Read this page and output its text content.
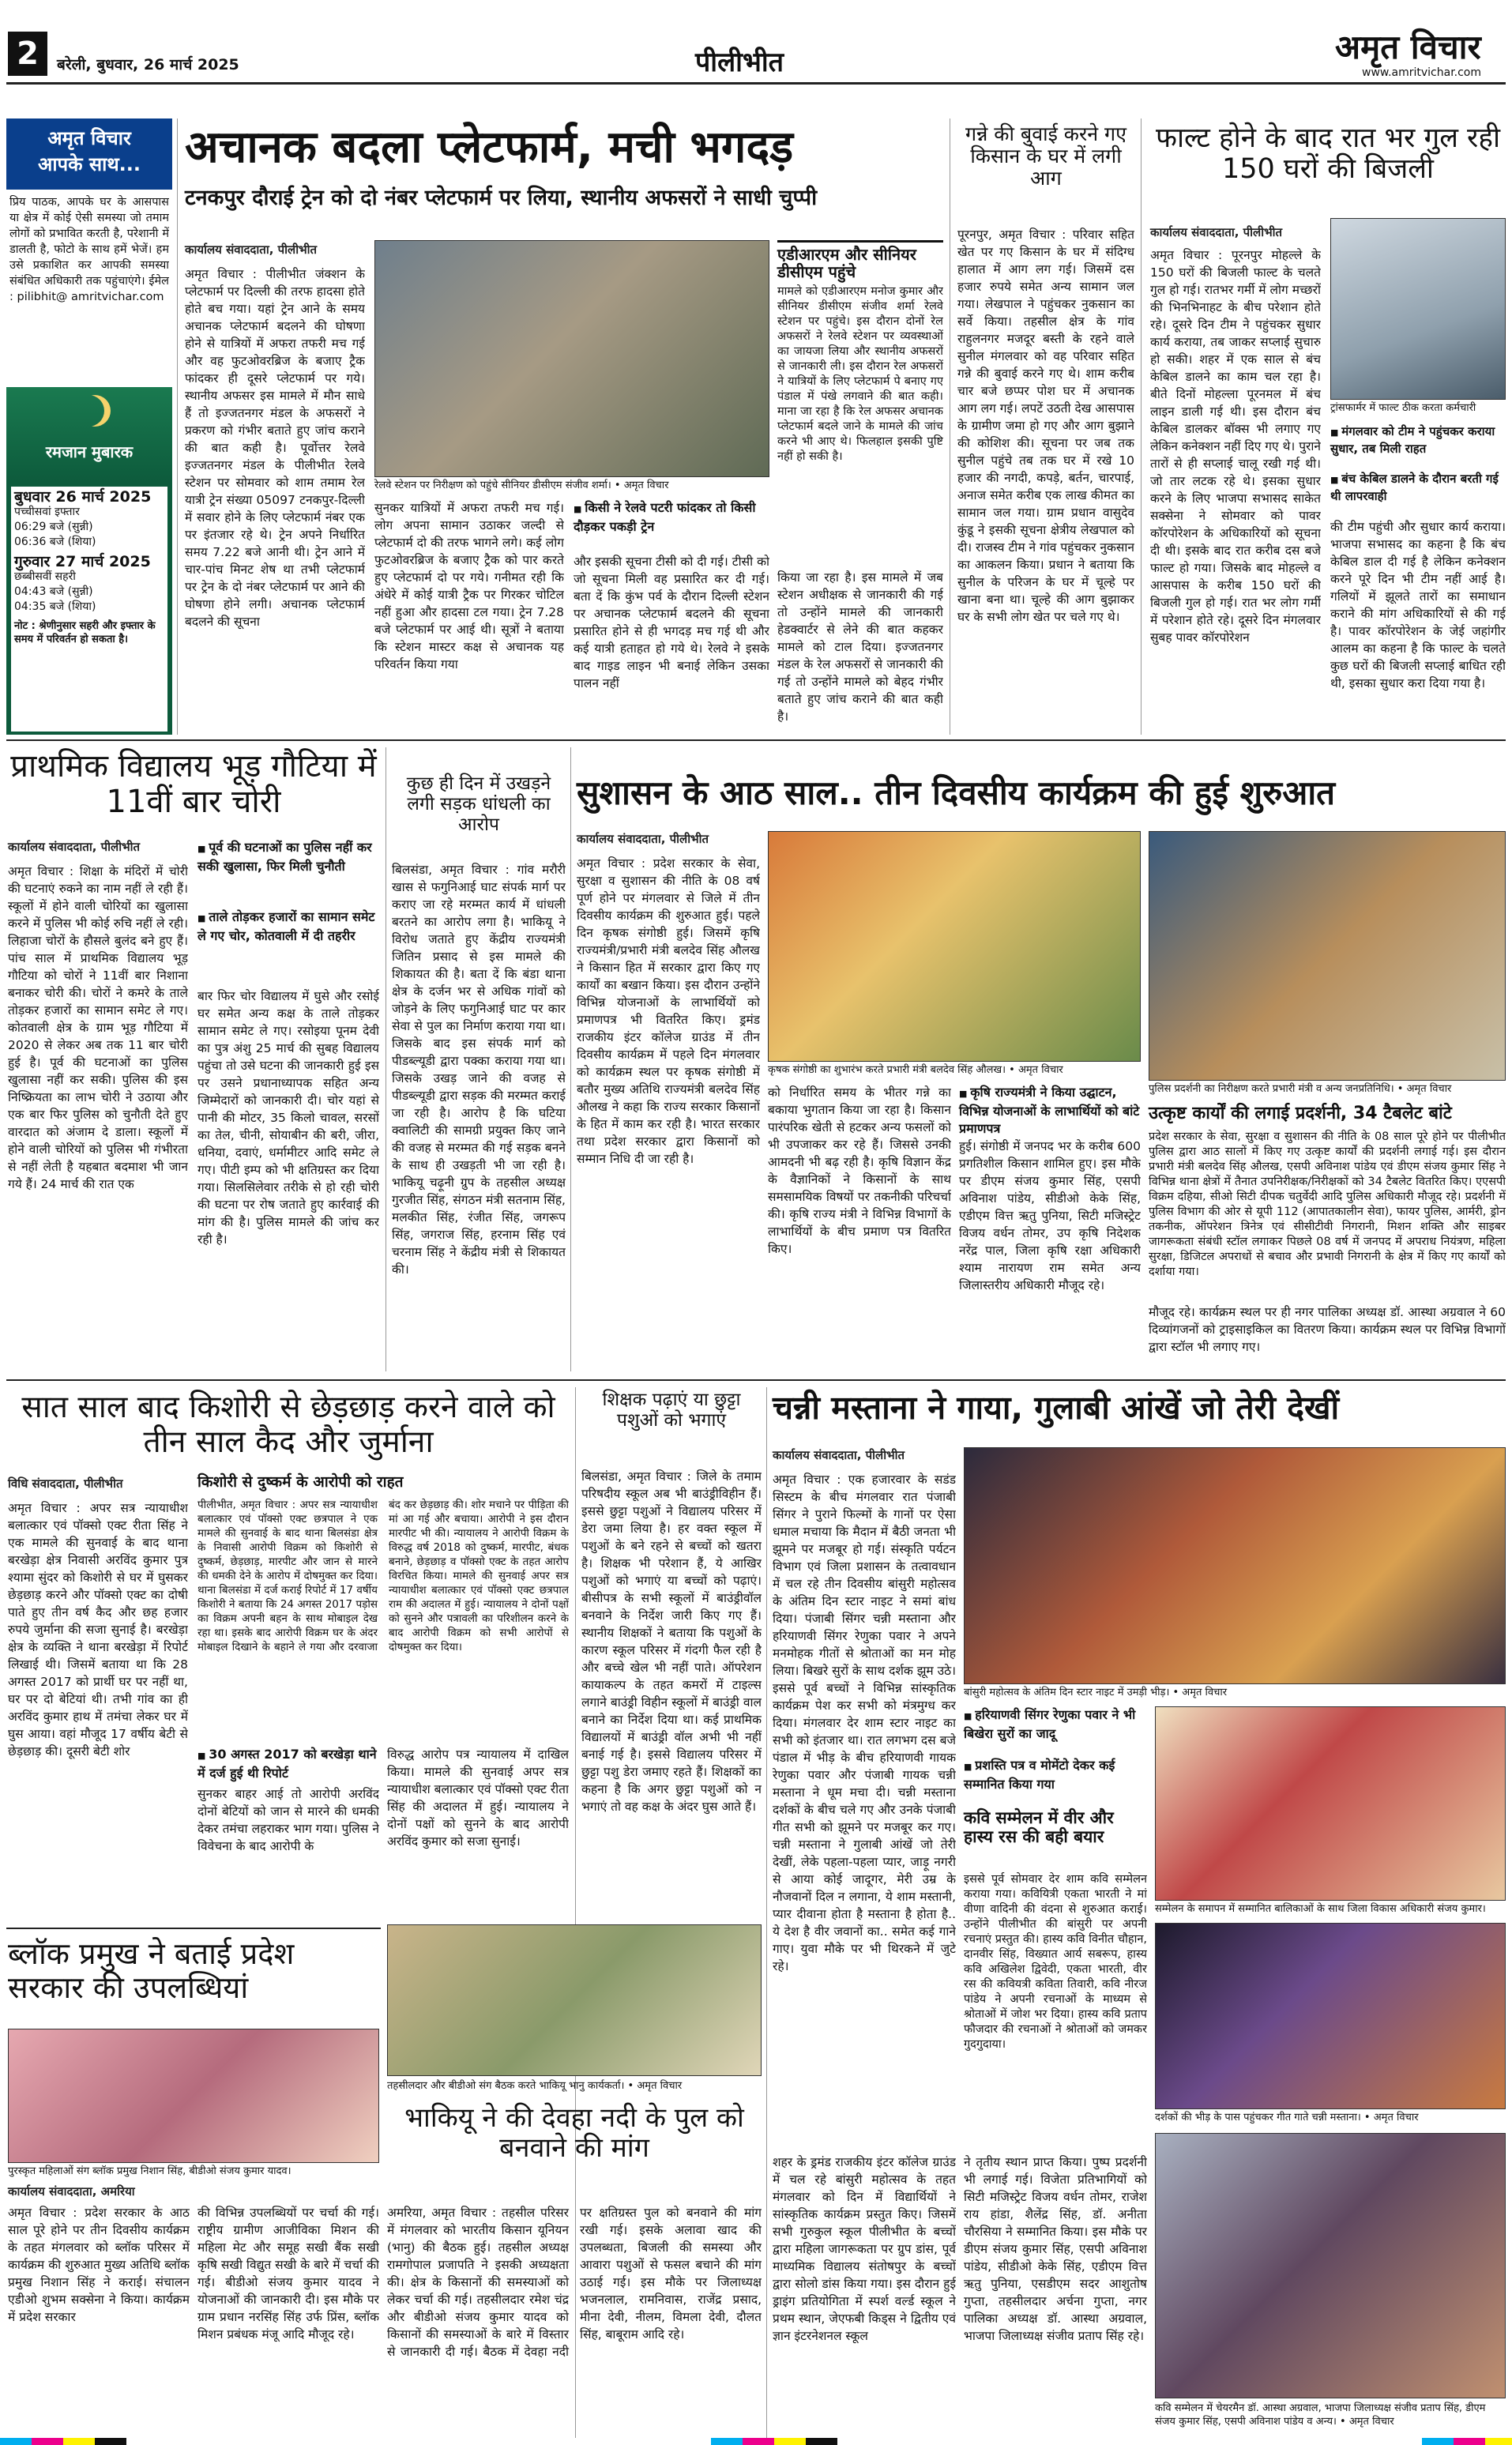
2	बरेली, बुधवार, 26 मार्च 2025	पीलीभीत	अमृत विचार
www.amritvichar.com
अमृत विचार
आपके साथ...
प्रिय पाठक, आपके घर के आसपास या क्षेत्र में कोई ऐसी समस्या जो तमाम लोगों को प्रभावित करती है, परेशानी में डालती है, फोटो के साथ हमें भेजें। हम उसे प्रकाशित कर आपकी समस्या संबंधित अधिकारी तक पहुंचाएंगे। ईमेल : pilibhit@ amritvichar.com
रमजान मुबारक
बुधवार 26 मार्च 2025
पच्चीसवां इफ्तार
06:29 बजे (सुन्नी)
06:36 बजे (शिया)
गुरुवार 27 मार्च 2025
छब्बीसवीं सहरी
04:43 बजे (सुन्नी)
04:35 बजे (शिया)
नोट : श्रेणीनुसार सहरी और इफ्तार के समय में परिवर्तन हो सकता है।
अचानक बदला प्लेटफार्म, मची भगदड़
टनकपुर दौराई ट्रेन को दो नंबर प्लेटफार्म पर लिया, स्थानीय अफसरों ने साधी चुप्पी
कार्यालय संवाददाता, पीलीभीत
अमृत विचार : पीलीभीत जंक्शन के प्लेटफार्म पर दिल्ली की तरफ हादसा होते होते बच गया। यहां ट्रेन आने के समय अचानक प्लेटफार्म बदलने की घोषणा होने से यात्रियों में अफरा तफरी मच गई और वह फुटओवरब्रिज के बजाए ट्रैक फांदकर ही दूसरे प्लेटफार्म पर गये। स्थानीय अफसर इस मामले में मौन साधे हैं तो इज्जतनगर मंडल के अफसरों ने प्रकरण को गंभीर बताते हुए जांच कराने की बात कही है। पूर्वोत्तर रेलवे इज्जतनगर मंडल के पीलीभीत रेलवे स्टेशन पर सोमवार को शाम तमाम रेल यात्री ट्रेन संख्या 05097 टनकपुर-दिल्ली में सवार होने के लिए प्लेटफार्म नंबर एक पर इंतजार रहे थे। ट्रेन अपने निर्धारित समय 7.22 बजे आनी थी। ट्रेन आने में चार-पांच मिनट शेष था तभी प्लेटफार्म पर ट्रेन के दो नंबर प्लेटफार्म पर आने की घोषणा होने लगी। अचानक प्लेटफार्म बदलने की सूचना
रेलवे स्टेशन पर निरीक्षण को पहुंचे सीनियर डीसीएम संजीव शर्मा। • अमृत विचार
सुनकर यात्रियों में अफरा तफरी मच गई। लोग अपना सामान उठाकर जल्दी से प्लेटफार्म दो की तरफ भागने लगे। कई लोग फुटओवरब्रिज के बजाए ट्रैक को पार करते हुए प्लेटफार्म दो पर गये। गनीमत रही कि अंधेरे में कोई यात्री ट्रैक पर गिरकर चोटिल नहीं हुआ और हादसा टल गया। ट्रेन 7.28 बजे प्लेटफार्म पर आई थी। सूत्रों ने बताया कि स्टेशन मास्टर कक्ष से अचानक यह परिवर्तन किया गया
■ किसी ने रेलवे पटरी फांदकर तो किसी दौड़कर पकड़ी ट्रेन
और इसकी सूचना टीसी को दी गई। टीसी को जो सूचना मिली वह प्रसारित कर दी गई। बता दें कि कुंभ पर्व के दौरान दिल्ली स्टेशन पर अचानक प्लेटफार्म बदलने की सूचना प्रसारित होने से ही भगदड़ मच गई थी और कई यात्री हताहत हो गये थे। रेलवे ने इसके बाद गाइड लाइन भी बनाई लेकिन उसका पालन नहीं
एडीआरएम और सीनियर डीसीएम पहुंचे
मामले को एडीआरएम मनोज कुमार और सीनियर डीसीएम संजीव शर्मा रेलवे स्टेशन पर पहुंचे। इस दौरान दोनों रेल अफसरों ने रेलवे स्टेशन पर व्यवस्थाओं का जायजा लिया और स्थानीय अफसरों से जानकारी ली। इस दौरान रेल अफसरों ने यात्रियों के लिए प्लेटफार्म पे बनाए गए पंडाल में पंखे लगवाने की बात कही। माना जा रहा है कि रेल अफसर अचानक प्लेटफार्म बदले जाने के मामले की जांच करने भी आए थे। फिलहाल इसकी पुष्टि नहीं हो सकी है।
किया जा रहा है। इस मामले में जब स्टेशन अधीक्षक से जानकारी की गई तो उन्होंने मामले की जानकारी हेडक्वार्टर से लेने की बात कहकर मामले को टाल दिया। इज्जतनगर मंडल के रेल अफसरों से जानकारी की गई तो उन्होंने मामले को बेहद गंभीर बताते हुए जांच कराने की बात कही है।
गन्ने की बुवाई करने गए किसान के घर में लगी आग
पूरनपुर, अमृत विचार : परिवार सहित खेत पर गए किसान के घर में संदिग्ध हालात में आग लग गई। जिसमें दस हजार रुपये समेत अन्य सामान जल गया। लेखपाल ने पहुंचकर नुकसान का सर्वे किया। तहसील क्षेत्र के गांव राहुलनगर मजदूर बस्ती के रहने वाले सुनील मंगलवार को वह परिवार सहित गन्ने की बुवाई करने गए थे। शाम करीब चार बजे छप्पर पोश घर में अचानक आग लग गई। लपटें उठती देख आसपास के ग्रामीण जमा हो गए और आग बुझाने की कोशिश की। सूचना पर जब तक सुनील पहुंचे तब तक घर में रखे 10 हजार की नगदी, कपड़े, बर्तन, चारपाई, अनाज समेत करीब एक लाख कीमत का सामान जल गया। ग्राम प्रधान वासुदेव कुंडू ने इसकी सूचना क्षेत्रीय लेखपाल को दी। राजस्व टीम ने गांव पहुंचकर नुकसान का आकलन किया। प्रधान ने बताया कि सुनील के परिजन के घर में चूल्हे पर खाना बना था। चूल्हे की आग बुझाकर घर के सभी लोग खेत पर चले गए थे।
फाल्ट होने के बाद रात भर गुल रही 150 घरों की बिजली
कार्यालय संवाददाता, पीलीभीत
अमृत विचार : पूरनपुर मोहल्ले के 150 घरों की बिजली फाल्ट के चलते गुल हो गई। रातभर गर्मी में लोग मच्छरों की भिनभिनाहट के बीच परेशान होते रहे। दूसरे दिन टीम ने पहुंचकर सुधार कार्य कराया, तब जाकर सप्लाई सुचारु हो सकी। शहर में एक साल से बंच केबिल डालने का काम चल रहा है। बीते दिनों मोहल्ला पूरनमल में बंच लाइन डाली गई थी। इस दौरान बंच केबिल डालकर बॉक्स भी लगाए गए लेकिन कनेक्शन नहीं दिए गए थे। पुराने तारों से ही सप्लाई चालू रखी गई थी। जो तार लटक रहे थे। इसका सुधार करने के लिए भाजपा सभासद साकेत सक्सेना ने सोमवार को पावर कॉरपोरेशन के अधिकारियों को सूचना दी थी। इसके बाद रात करीब दस बजे फाल्ट हो गया। जिसके बाद मोहल्ले व आसपास के करीब 150 घरों की बिजली गुल हो गई। रात भर लोग गर्मी में परेशान होते रहे। दूसरे दिन मंगलवार सुबह पावर कॉरपोरेशन
ट्रांसफार्मर में फाल्ट ठीक करता कर्मचारी
■ मंगलवार को टीम ने पहुंचकर कराया सुधार, तब मिली राहत
■ बंच केबिल डालने के दौरान बरती गई थी लापरवाही
की टीम पहुंची और सुधार कार्य कराया। भाजपा सभासद का कहना है कि बंच केबिल डाल दी गई है लेकिन कनेक्शन करने पूरे दिन भी टीम नहीं आई है। गलियों में झूलते तारों का समाधान कराने की मांग अधिकारियों से की गई है। पावर कॉरपोरेशन के जेई जहांगीर आलम का कहना है कि फाल्ट के चलते कुछ घरों की बिजली सप्लाई बाधित रही थी, इसका सुधार करा दिया गया है।
प्राथमिक विद्यालय भूड़ गौटिया में 11वीं बार चोरी
कार्यालय संवाददाता, पीलीभीत
अमृत विचार : शिक्षा के मंदिरों में चोरी की घटनाएं रुकने का नाम नहीं ले रही हैं। स्कूलों में होने वाली चोरियों का खुलासा करने में पुलिस भी कोई रुचि नहीं ले रही। लिहाजा चोरों के हौसले बुलंद बने हुए हैं। पांच साल में प्राथमिक विद्यालय भूड़ गौटिया को चोरों ने 11वीं बार निशाना बनाकर चोरी की। चोरों ने कमरे के ताले तोड़कर हजारों का सामान समेट ले गए। कोतवाली क्षेत्र के ग्राम भूड़ गौटिया में 2020 से लेकर अब तक 11 बार चोरी हुई है। पूर्व की घटनाओं का पुलिस खुलासा नहीं कर सकी। पुलिस की इस निष्क्रियता का लाभ चोरी ने उठाया और एक बार फिर पुलिस को चुनौती देते हुए वारदात को अंजाम दे डाला। स्कूलों में होने वाली चोरियों को पुलिस भी गंभीरता से नहीं लेती है यहबात बदमाश भी जान गये हैं। 24 मार्च की रात एक
■ पूर्व की घटनाओं का पुलिस नहीं कर सकी खुलासा, फिर मिली चुनौती
■ ताले तोड़कर हजारों का सामान समेट ले गए चोर, कोतवाली में दी तहरीर
बार फिर चोर विद्यालय में घुसे और रसोई घर समेत अन्य कक्ष के ताले तोड़कर सामान समेट ले गए। रसोइया पूनम देवी का पुत्र अंशु 25 मार्च की सुबह विद्यालय पहुंचा तो उसे घटना की जानकारी हुई इस पर उसने प्रधानाध्यापक सहित अन्य जिम्मेदारों को जानकारी दी। चोर यहां से पानी की मोटर, 35 किलो चावल, सरसों का तेल, चीनी, सोयाबीन की बरी, जीरा, धनिया, दवाएं, धर्मामीटर आदि समेट ले गए। पीटी इम्प को भी क्षतिग्रस्त कर दिया गया। सिलसिलेवार तरीके से हो रही चोरी की घटना पर रोष जताते हुए कार्रवाई की मांग की है। पुलिस मामले की जांच कर रही है।
कुछ ही दिन में उखड़ने लगी सड़क धांधली का आरोप
बिलसंडा, अमृत विचार : गांव मरौरी खास से फगुनिआई घाट संपर्क मार्ग पर कराए जा रहे मरम्मत कार्य में धांधली बरतने का आरोप लगा है। भाकियू ने विरोध जताते हुए केंद्रीय राज्यमंत्री जितिन प्रसाद से इस मामले की शिकायत की है। बता दें कि बंडा थाना क्षेत्र के दर्जन भर से अधिक गांवों को जोड़ने के लिए फगुनिआई घाट पर कार सेवा से पुल का निर्माण कराया गया था। जिसके बाद इस संपर्क मार्ग को पीडब्ल्यूडी द्वारा पक्का कराया गया था। जिसके उखड़ जाने की वजह से पीडब्ल्यूडी द्वारा सड़क की मरम्मत कराई जा रही है। आरोप है कि घटिया क्वालिटी की सामग्री प्रयुक्त किए जाने की वजह से मरम्मत की गई सड़क बनने के साथ ही उखड़ती भी जा रही है। भाकियू चढ़ूनी ग्रुप के तहसील अध्यक्ष गुरजीत सिंह, संगठन मंत्री सतनाम सिंह, मलकीत सिंह, रंजीत सिंह, जगरूप सिंह, जगराज सिंह, हरनाम सिंह एवं चरनाम सिंह ने केंद्रीय मंत्री से शिकायत की।
सुशासन के आठ साल.. तीन दिवसीय कार्यक्रम की हुई शुरुआत
कार्यालय संवाददाता, पीलीभीत
अमृत विचार : प्रदेश सरकार के सेवा, सुरक्षा व सुशासन की नीति के 08 वर्ष पूर्ण होने पर मंगलवार से जिले में तीन दिवसीय कार्यक्रम की शुरुआत हुई। पहले दिन कृषक संगोष्ठी हुई। जिसमें कृषि राज्यमंत्री/प्रभारी मंत्री बलदेव सिंह औलख ने किसान हित में सरकार द्वारा किए गए कार्यों का बखान किया। इस दौरान उन्होंने विभिन्न योजनाओं के लाभार्थियों को प्रमाणपत्र भी वितरित किए। ड्रमंड राजकीय इंटर कॉलेज ग्राउंड में तीन दिवसीय कार्यक्रम में पहले दिन मंगलवार को कार्यक्रम स्थल पर कृषक संगोष्ठी में बतौर मुख्य अतिथि राज्यमंत्री बलदेव सिंह औलख ने कहा कि राज्य सरकार किसानों के हित में काम कर रही है। भारत सरकार तथा प्रदेश सरकार द्वारा किसानों को सम्मान निधि दी जा रही है।
कृषक संगोष्ठी का शुभारंभ करते प्रभारी मंत्री बलदेव सिंह औलख। • अमृत विचार
को निर्धारित समय के भीतर गन्ने का बकाया भुगतान किया जा रहा है। किसान पारंपरिक खेती से हटकर अन्य फसलों को भी उपजाकर कर रहे हैं। जिससे उनकी आमदनी भी बढ़ रही है। कृषि विज्ञान केंद्र के वैज्ञानिकों ने किसानों के साथ समसामयिक विषयों पर तकनीकी परिचर्चा की। कृषि राज्य मंत्री ने विभिन्न विभागों के लाभार्थियों के बीच प्रमाण पत्र वितरित किए।
■ कृषि राज्यमंत्री ने किया उद्घाटन, विभिन्न योजनाओं के लाभार्थियों को बांटे प्रमाणपत्र
हुई। संगोष्ठी में जनपद भर के करीब 600 प्रगतिशील किसान शामिल हुए। इस मौके पर डीएम संजय कुमार सिंह, एसपी अविनाश पांडेय, सीडीओ केके सिंह, एडीएम वित्त ऋतु पुनिया, सिटी मजिस्ट्रेट विजय वर्धन तोमर, उप कृषि निदेशक नरेंद्र पाल, जिला कृषि रक्षा अधिकारी श्याम नारायण राम समेत अन्य जिलास्तरीय अधिकारी मौजूद रहे।
पुलिस प्रदर्शनी का निरीक्षण करते प्रभारी मंत्री व अन्य जनप्रतिनिधि। • अमृत विचार
उत्कृष्ट कार्यों की लगाई प्रदर्शनी, 34 टैबलेट बांटे
प्रदेश सरकार के सेवा, सुरक्षा व सुशासन की नीति के 08 साल पूरे होने पर पीलीभीत पुलिस द्वारा आठ सालों में किए गए उत्कृष्ट कार्यों की प्रदर्शनी लगाई गई। इस दौरान प्रभारी मंत्री बलदेव सिंह औलख, एसपी अविनाश पांडेय एवं डीएम संजय कुमार सिंह ने विभिन्न थाना क्षेत्रों में तैनात उपनिरीक्षक/निरीक्षकों को 34 टैबलेट वितरित किए। एएसपी विक्रम दहिया, सीओ सिटी दीपक चतुर्वेदी आदि पुलिस अधिकारी मौजूद रहे। प्रदर्शनी में पुलिस विभाग की ओर से यूपी 112 (आपातकालीन सेवा), फायर पुलिस, आर्मरी, ड्रोन तकनीक, ऑपरेशन त्रिनेत्र एवं सीसीटीवी निगरानी, मिशन शक्ति और साइबर जागरूकता संबंधी स्टॉल लगाकर पिछले 08 वर्ष में जनपद में अपराध नियंत्रण, महिला सुरक्षा, डिजिटल अपराधों से बचाव और प्रभावी निगरानी के क्षेत्र में किए गए कार्यों को दर्शाया गया।
मौजूद रहे। कार्यक्रम स्थल पर ही नगर पालिका अध्यक्ष डॉ. आस्था अग्रवाल ने 60 दिव्यांगजनों को ट्राइसाइकिल का वितरण किया। कार्यक्रम स्थल पर विभिन्न विभागों द्वारा स्टॉल भी लगाए गए।
सात साल बाद किशोरी से छेड़छाड़ करने वाले को तीन साल कैद और जुर्माना
विधि संवाददाता, पीलीभीत
अमृत विचार : अपर सत्र न्यायाधीश बलात्कार एवं पॉक्सो एक्ट रीता सिंह ने एक मामले की सुनवाई के बाद थाना बरखेड़ा क्षेत्र निवासी अरविंद कुमार पुत्र श्यामा सुंदर को किशोरी से घर में घुसकर छेड़छाड़ करने और पॉक्सो एक्ट का दोषी पाते हुए तीन वर्ष कैद और छह हजार रुपये जुर्माना की सजा सुनाई है। बरखेड़ा क्षेत्र के व्यक्ति ने थाना बरखेड़ा में रिपोर्ट लिखाई थी। जिसमें बताया था कि 28 अगस्त 2017 को प्रार्थी घर पर नहीं था, घर पर दो बेटियां थी। तभी गांव का ही अरविंद कुमार हाथ में तमंचा लेकर घर में घुस आया। वहां मौजूद 17 वर्षीय बेटी से छेड़छाड़ की। दूसरी बेटी शोर
किशोरी से दुष्कर्म के आरोपी को राहत
पीलीभीत, अमृत विचार : अपर सत्र न्यायाधीश बलात्कार एवं पॉक्सो एक्ट छत्रपाल ने एक मामले की सुनवाई के बाद थाना बिलसंडा क्षेत्र के निवासी आरोपी विक्रम को किशोरी से दुष्कर्म, छेड़छाड़, मारपीट और जान से मारने की धमकी देने के आरोप में दोषमुक्त कर दिया। थाना बिलसंडा में दर्ज कराई रिपोर्ट में 17 वर्षीय किशोरी ने बताया कि 24 अगस्त 2017 पड़ोस का विक्रम अपनी बहन के साथ मोबाइल देख रहा था। इसके बाद आरोपी विक्रम घर के अंदर मोबाइल दिखाने के बहाने ले गया और दरवाजा बंद कर छेड़छाड़ की। शोर मचाने पर पीड़िता की मां आ गई और बचाया। आरोपी ने इस दौरान मारपीट भी की। न्यायालय ने आरोपी विक्रम के विरुद्ध वर्ष 2018 को दुष्कर्म, मारपीट, बंधक बनाने, छेड़छाड़ व पॉक्सो एक्ट के तहत आरोप विरचित किया। मामले की सुनवाई अपर सत्र न्यायाधीश बलात्कार एवं पॉक्सो एक्ट छत्रपाल राम की अदालत में हुई। न्यायालय ने दोनों पक्षों को सुनने और पत्रावली का परिशीलन करने के बाद आरोपी विक्रम को सभी आरोपों से दोषमुक्त कर दिया।
■ 30 अगस्त 2017 को बरखेड़ा थाने में दर्ज हुई थी रिपोर्ट
सुनकर बाहर आई तो आरोपी अरविंद दोनों बेटियों को जान से मारने की धमकी देकर तमंचा लहराकर भाग गया। पुलिस ने विवेचना के बाद आरोपी के
विरुद्ध आरोप पत्र न्यायालय में दाखिल किया। मामले की सुनवाई अपर सत्र न्यायाधीश बलात्कार एवं पॉक्सो एक्ट रीता सिंह की अदालत में हुई। न्यायालय ने दोनों पक्षों को सुनने के बाद आरोपी अरविंद कुमार को सजा सुनाई।
शिक्षक पढ़ाएं या छुट्टा पशुओं को भगाएं
बिलसंडा, अमृत विचार : जिले के तमाम परिषदीय स्कूल अब भी बाउंड्रीविहीन हैं। इससे छुट्टा पशुओं ने विद्यालय परिसर में डेरा जमा लिया है। हर वक्त स्कूल में पशुओं के बने रहने से बच्चों को खतरा है। शिक्षक भी परेशान हैं, ये आखिर पशुओं को भगाएं या बच्चों को पढ़ाएं। बीसीपत्र के सभी स्कूलों में बाउंड्रीवॉल बनवाने के निर्देश जारी किए गए हैं। स्थानीय शिक्षकों ने बताया कि पशुओं के कारण स्कूल परिसर में गंदगी फैल रही है और बच्चे खेल भी नहीं पाते। ऑपरेशन कायाकल्प के तहत कमरों में टाइल्स लगाने बाउंड्री विहीन स्कूलों में बाउंड्री वाल बनाने का निर्देश दिया था। कई प्राथमिक विद्यालयों में बाउंड्री वॉल अभी भी नहीं बनाई गई है। इससे विद्यालय परिसर में छुट्टा पशु डेरा जमाए रहते हैं। शिक्षकों का कहना है कि अगर छुट्टा पशुओं को न भगाएं तो वह कक्ष के अंदर घुस आते हैं।
तहसीलदार और बीडीओ संग बैठक करते भाकियू भानु कार्यकर्ता। • अमृत विचार
ब्लॉक प्रमुख ने बताई प्रदेश सरकार की उपलब्धियां
पुरस्कृत महिलाओं संग ब्लॉक प्रमुख निशान सिंह, बीडीओ संजय कुमार यादव।
कार्यालय संवाददाता, अमरिया
अमृत विचार : प्रदेश सरकार के आठ साल पूरे होने पर तीन दिवसीय कार्यक्रम के तहत मंगलवार को ब्लॉक परिसर में कार्यक्रम की शुरुआत मुख्य अतिथि ब्लॉक प्रमुख निशान सिंह ने कराई। संचालन एडीओ शुभम सक्सेना ने किया। कार्यक्रम में प्रदेश सरकार
की विभिन्न उपलब्धियों पर चर्चा की गई। राष्ट्रीय ग्रामीण आजीविका मिशन की महिला मेट और समूह सखी बैंक सखी कृषि सखी विद्युत सखी के बारे में चर्चा की गई। बीडीओ संजय कुमार यादव ने योजनाओं की जानकारी दी। इस मौके पर ग्राम प्रधान नरसिंह सिंह उर्फ प्रिंस, ब्लॉक मिशन प्रबंधक मंजू आदि मौजूद रहे।
भाकियू ने की देवहा नदी के पुल को बनवाने की मांग
अमरिया, अमृत विचार : तहसील परिसर में मंगलवार को भारतीय किसान यूनियन (भानु) की बैठक हुई। तहसील अध्यक्ष रामगोपाल प्रजापति ने इसकी अध्यक्षता की। क्षेत्र के किसानों की समस्याओं को लेकर चर्चा की गई। तहसीलदार रमेश चंद्र और बीडीओ संजय कुमार यादव को किसानों की समस्याओं के बारे में विस्तार से जानकारी दी गई। बैठक में देवहा नदी पर क्षतिग्रस्त पुल को बनवाने की मांग रखी गई। इसके अलावा खाद की उपलब्धता, बिजली की समस्या और आवारा पशुओं से फसल बचाने की मांग उठाई गई। इस मौके पर जिलाध्यक्ष भजनलाल, रामनिवास, राजेंद्र प्रसाद, मीना देवी, नीलम, विमला देवी, दौलत सिंह, बाबूराम आदि रहे।
चन्नी मस्ताना ने गाया, गुलाबी आंखें जो तेरी देखीं
कार्यालय संवाददाता, पीलीभीत
अमृत विचार : एक हजारवार के सडंड सिस्टम के बीच मंगलवार रात पंजाबी सिंगर ने पुराने फिल्मों के गानों पर ऐसा धमाल मचाया कि मैदान में बैठी जनता भी झूमने पर मजबूर हो गई। संस्कृति पर्यटन विभाग एवं जिला प्रशासन के तत्वावधान में चल रहे तीन दिवसीय बांसुरी महोत्सव के अंतिम दिन स्टार नाइट ने समां बांध दिया। पंजाबी सिंगर चन्नी मस्ताना और हरियाणवी सिंगर रेणुका पवार ने अपने मनमोहक गीतों से श्रोताओं का मन मोह लिया। बिखरे सुरों के साथ दर्शक झूम उठे। इससे पूर्व बच्चों ने विभिन्न सांस्कृतिक कार्यक्रम पेश कर सभी को मंत्रमुग्ध कर दिया। मंगलवार देर शाम स्टार नाइट का सभी को इंतजार था। रात लगभग दस बजे पंडाल में भीड़ के बीच हरियाणवी गायक रेणुका पवार और पंजाबी गायक चन्नी मस्ताना ने धूम मचा दी। चन्नी मस्ताना दर्शकों के बीच चले गए और उनके पंजाबी गीत सभी को झूमने पर मजबूर कर गए। चन्नी मस्ताना ने गुलाबी आंखें जो तेरी देखीं, लेके पहला-पहला प्यार, जाड़ू नगरी से आया कोई जादूगर, मेरी उम्र के नौजवानों दिल न लगाना, ये शाम मस्तानी, प्यार दीवाना होता है मस्ताना है होता है.. ये देश है वीर जवानों का.. समेत कई गाने गाए। युवा मौके पर भी थिरकने में जुटे रहे।
बांसुरी महोत्सव के अंतिम दिन स्टार नाइट में उमड़ी भीड़। • अमृत विचार
■ हरियाणवी सिंगर रेणुका पवार ने भी बिखेरा सुरों का जादू
■ प्रशस्ति पत्र व मोमेंटो देकर कई सम्मानित किया गया
कवि सम्मेलन में वीर और हास्य रस की बही बयार
इससे पूर्व सोमवार देर शाम कवि सम्मेलन कराया गया। कवियित्री एकता भारती ने मां वीणा वादिनी की वंदना से शुरुआत कराई। उन्होंने पीलीभीत की बांसुरी पर अपनी रचनाएं प्रस्तुत की। हास्य कवि विनीत चौहान, दानवीर सिंह, विख्यात आर्य सबरूप, हास्य कवि अखिलेश द्विवेदी, एकता भारती, वीर रस की कवियत्री कविता तिवारी, कवि नीरज पांडेय ने अपनी रचनाओं के माध्यम से श्रोताओं में जोश भर दिया। हास्य कवि प्रताप फौजदार की रचनाओं ने श्रोताओं को जमकर गुदगुदाया।
सम्मेलन के समापन में सम्मानित बालिकाओं के साथ जिला विकास अधिकारी संजय कुमार।
दर्शकों की भीड़ के पास पहुंचकर गीत गाते चन्नी मस्ताना। • अमृत विचार
शहर के ड्रमंड राजकीय इंटर कॉलेज ग्राउंड में चल रहे बांसुरी महोत्सव के तहत मंगलवार को दिन में विद्यार्थियों ने सांस्कृतिक कार्यक्रम प्रस्तुत किए। जिसमें सभी गुरुकुल स्कूल पीलीभीत के बच्चों द्वारा महिला जागरूकता पर ग्रुप डांस, पूर्व माध्यमिक विद्यालय संतोषपुर के बच्चों द्वारा सोलो डांस किया गया। इस दौरान हुई ड्राइंग प्रतियोगिता में स्पर्श वर्ल्ड स्कूल ने प्रथम स्थान, जेएफबी किड्स ने द्वितीय एवं ज्ञान इंटरनेशनल स्कूल
ने तृतीय स्थान प्राप्त किया। पुष्प प्रदर्शनी भी लगाई गई। विजेता प्रतिभागियों को सिटी मजिस्ट्रेट विजय वर्धन तोमर, राजेश राय हांडा, शैलेंद्र सिंह, डॉ. अनीता चौरसिया ने सम्मानित किया। इस मौके पर डीएम संजय कुमार सिंह, एसपी अविनाश पांडेय, सीडीओ केके सिंह, एडीएम वित्त ऋतु पुनिया, एसडीएम सदर आशुतोष गुप्ता, तहसीलदार अर्चना गुप्ता, नगर पालिका अध्यक्ष डॉ. आस्था अग्रवाल, भाजपा जिलाध्यक्ष संजीव प्रताप सिंह रहे।
कवि सम्मेलन में चेयरमैन डॉ. आस्था अग्रवाल, भाजपा जिलाध्यक्ष संजीव प्रताप सिंह, डीएम संजय कुमार सिंह, एसपी अविनाश पांडेय व अन्य। • अमृत विचार
